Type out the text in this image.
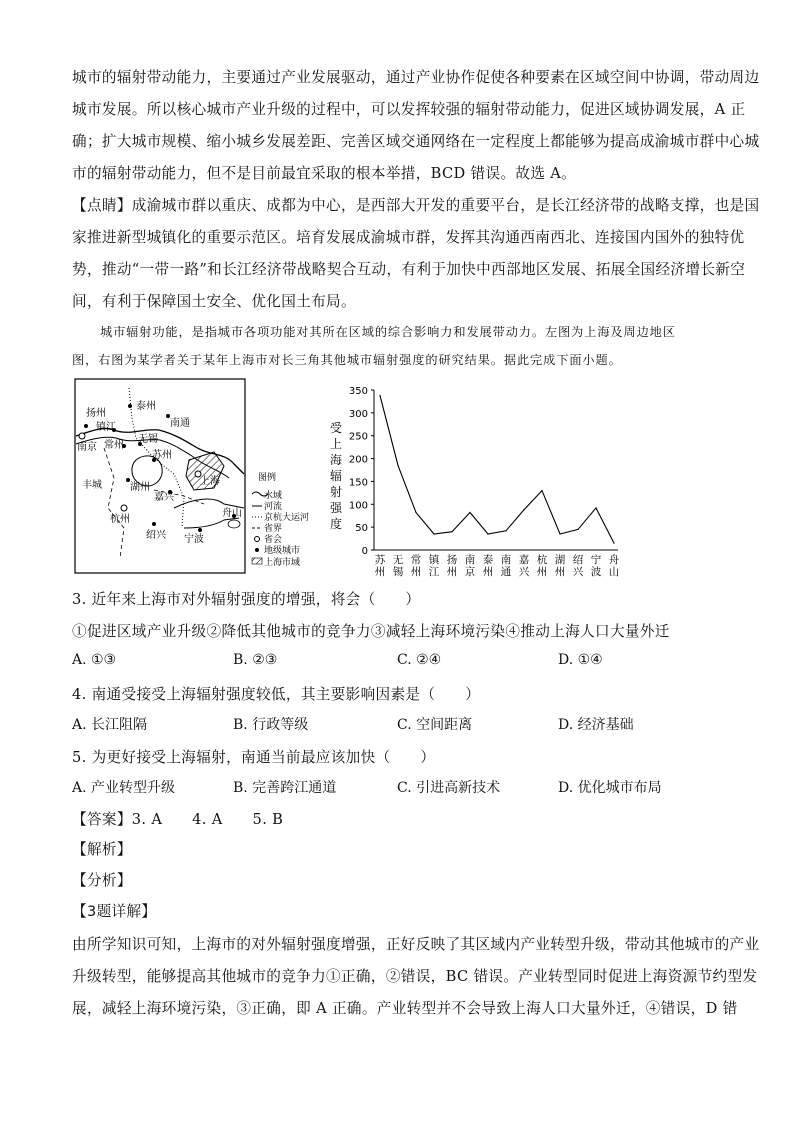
城市的辐射带动能力，主要通过产业发展驱动，通过产业协作促使各种要素在区域空间中协调，带动周边
城市发展。所以核心城市产业升级的过程中，可以发挥较强的辐射带动能力，促进区域协调发展，A 正
确；扩大城市规模、缩小城乡发展差距、完善区域交通网络在一定程度上都能够为提高成渝城市群中心城
市的辐射带动能力，但不是目前最宜采取的根本举措，BCD 错误。故选 A。
【点睛】成渝城市群以重庆、成都为中心，是西部大开发的重要平台，是长江经济带的战略支撑，也是国
家推进新型城镇化的重要示范区。培育发展成渝城市群，发挥其沟通西南西北、连接国内国外的独特优
势，推动“一带一路”和长江经济带战略契合互动，有利于加快中西部地区发展、拓展全国经济增长新空
间，有利于保障国土安全、优化国土布局。
城市辐射功能，是指城市各项功能对其所在区域的综合影响力和发展带动力。左图为上海及周边地区
图，右图为某学者关于某年上海市对长三角其他城市辐射强度的研究结果。据此完成下面小题。
扬州
泰州
南通
南京
镇江
常州
无锡
苏州
上海
丰城	湖州
嘉兴
杭州
舟山
绍兴 宁波
图例
水域
河流
京杭大运河
省界
省会
地级城市
上海市域
受
上
海
辐
射
强
度
0
50
100
150
200
250
300
350
苏
州
无
锡
常
州
镇
江
扬
州
南
京
泰
州
南
通
嘉
兴
杭
州
湖
州
绍
兴
宁
波
舟
山
3. 近年来上海市对外辐射强度的增强，将会（　　）
①促进区域产业升级②降低其他城市的竞争力③减轻上海环境污染④推动上海人口大量外迁
A. ①③	B. ②③	C. ②④	D. ①④
4. 南通受接受上海辐射强度较低，其主要影响因素是（　　）
A. 长江阻隔	B. 行政等级	C. 空间距离	D. 经济基础
5. 为更好接受上海辐射，南通当前最应该加快（　　）
A. 产业转型升级	B. 完善跨江通道	C. 引进高新技术	D. 优化城市布局
【答案】3. A　　4. A　　5. B
【解析】
【分析】
【3题详解】
由所学知识可知，上海市的对外辐射强度增强，正好反映了其区域内产业转型升级，带动其他城市的产业
升级转型，能够提高其他城市的竞争力①正确，②错误，BC 错误。产业转型同时促进上海资源节约型发
展，减轻上海环境污染，③正确，即 A 正确。产业转型并不会导致上海人口大量外迁，④错误，D 错
